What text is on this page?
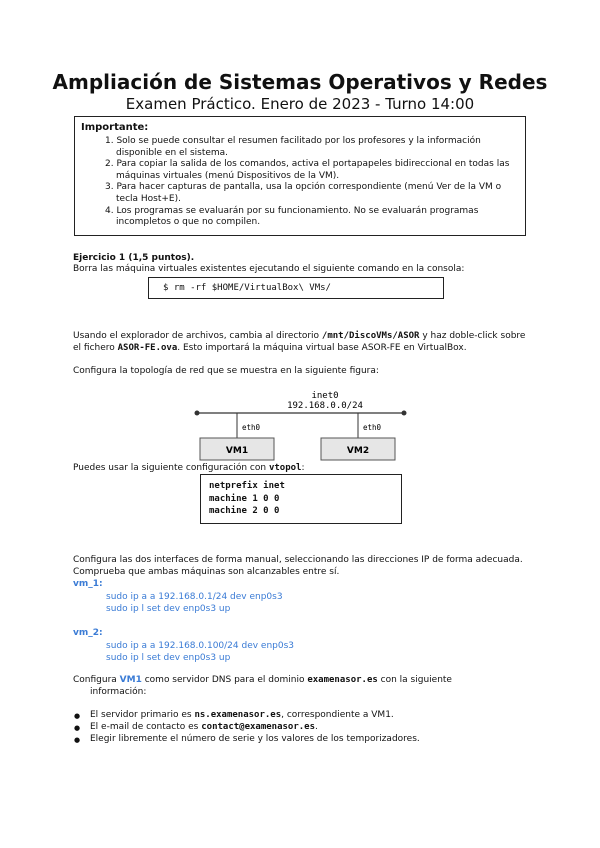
Ampliación de Sistemas Operativos y Redes
Examen Práctico. Enero de 2023 - Turno 14:00
Importante:
1. Solo se puede consultar el resumen facilitado por los profesores y la información disponible en el sistema.
2. Para copiar la salida de los comandos, activa el portapapeles bidireccional en todas las máquinas virtuales (menú Dispositivos de la VM).
3. Para hacer capturas de pantalla, usa la opción correspondiente (menú Ver de la VM o tecla Host+E).
4. Los programas se evaluarán por su funcionamiento. No se evaluarán programas incompletos o que no compilen.
Ejercicio 1 (1,5 puntos).
Borra las máquina virtuales existentes ejecutando el siguiente comando en la consola:
$ rm -rf $HOME/VirtualBox\ VMs/
Usando el explorador de archivos, cambia al directorio /mnt/DiscoVMs/ASOR y haz doble-click sobre el fichero ASOR-FE.ova. Esto importará la máquina virtual base ASOR-FE en VirtualBox.
Configura la topología de red que se muestra en la siguiente figura:
inet0
192.168.0.0/24
eth0	eth0
VM1	VM2
Puedes usar la siguiente configuración con vtopol:
netprefix inet
machine 1 0 0
machine 2 0 0
Configura las dos interfaces de forma manual, seleccionando las direcciones IP de forma adecuada.
Comprueba que ambas máquinas son alcanzables entre sí.
vm_1:
sudo ip a a 192.168.0.1/24 dev enp0s3
sudo ip l set dev enp0s3 up
vm_2:
sudo ip a a 192.168.0.100/24 dev enp0s3
sudo ip l set dev enp0s3 up
Configura VM1 como servidor DNS para el dominio examenasor.es con la siguiente
información:
● El servidor primario es ns.examenasor.es, correspondiente a VM1.
● El e-mail de contacto es contact@examenasor.es.
● Elegir libremente el número de serie y los valores de los temporizadores.
